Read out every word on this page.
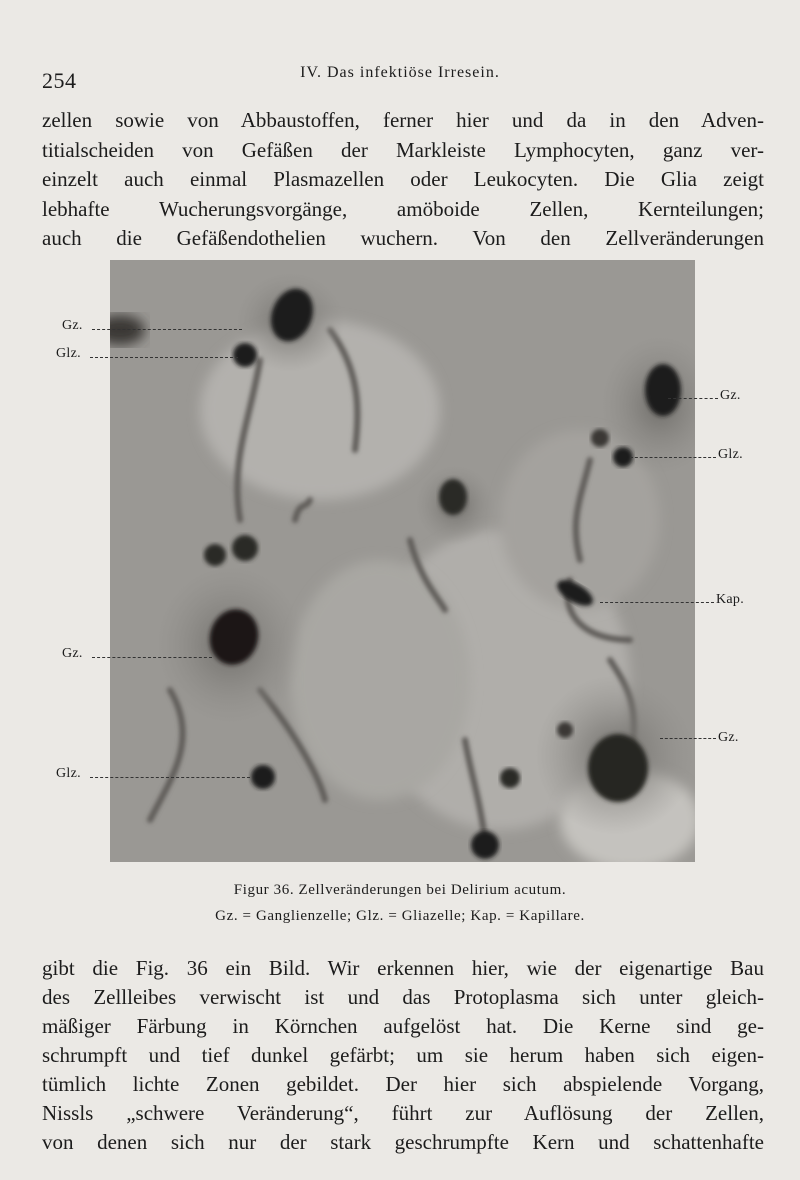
254	IV. Das infektiöse Irresein.
zellen sowie von Abbaustoffen, ferner hier und da in den Adven-
titialscheiden von Gefäßen der Markleiste Lymphocyten, ganz ver-
einzelt auch einmal Plasmazellen oder Leukocyten. Die Glia zeigt
lebhafte Wucherungsvorgänge, amöboide Zellen, Kernteilungen;
auch die Gefäßendothelien wuchern. Von den Zellveränderungen
Gz.
Glz.
Gz.
Glz.
Gz.
Glz.
Kap.
Gz.
Figur 36. Zellveränderungen bei Delirium acutum.
Gz. = Ganglienzelle; Glz. = Gliazelle; Kap. = Kapillare.
gibt die Fig. 36 ein Bild. Wir erkennen hier, wie der eigenartige Bau
des Zellleibes verwischt ist und das Protoplasma sich unter gleich-
mäßiger Färbung in Körnchen aufgelöst hat. Die Kerne sind ge-
schrumpft und tief dunkel gefärbt; um sie herum haben sich eigen-
tümlich lichte Zonen gebildet. Der hier sich abspielende Vorgang,
Nissls „schwere Veränderung“, führt zur Auflösung der Zellen,
von denen sich nur der stark geschrumpfte Kern und schattenhafte
